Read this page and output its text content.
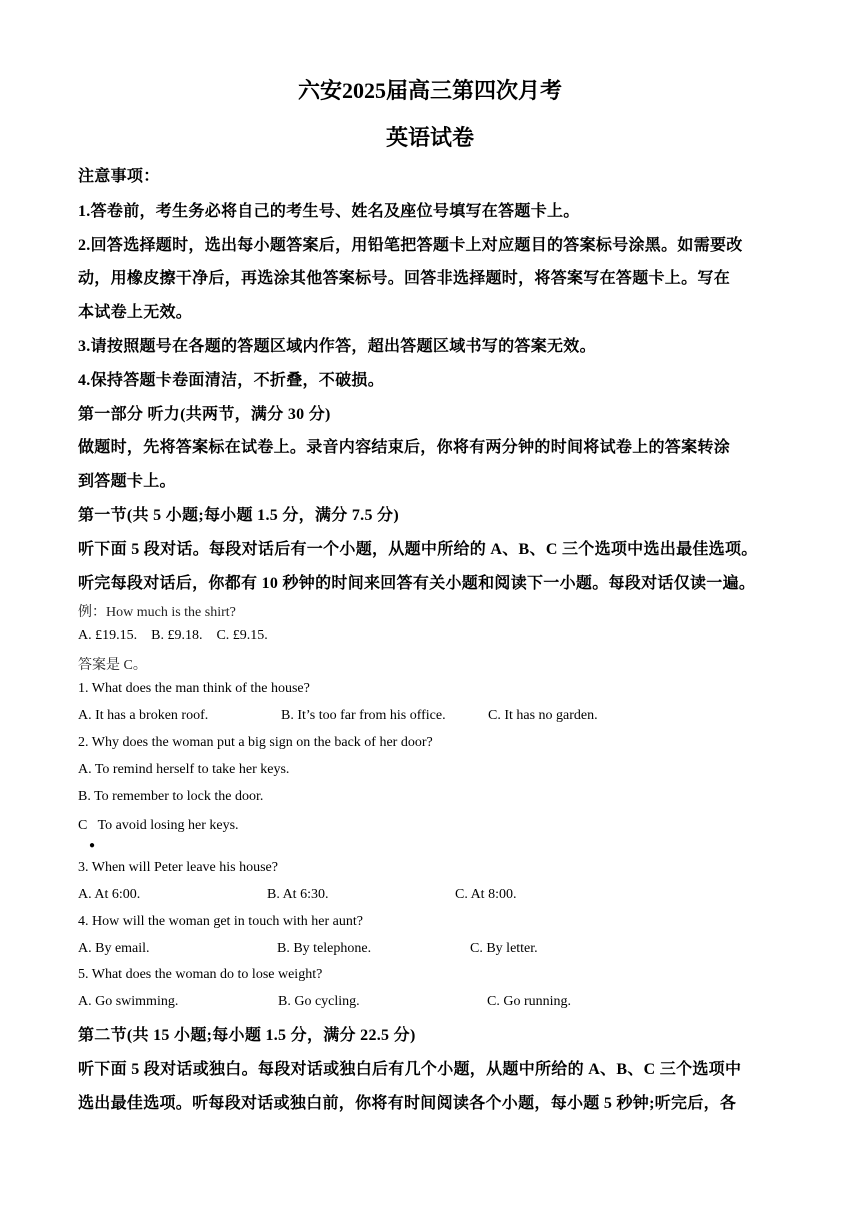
六安2025届高三第四次月考
英语试卷
注意事项：
1.答卷前，考生务必将自己的考生号、姓名及座位号填写在答题卡上。
2.回答选择题时，选出每小题答案后，用铅笔把答题卡上对应题目的答案标号涂黑。如需要改
动，用橡皮擦干净后，再选涂其他答案标号。回答非选择题时，将答案写在答题卡上。写在
本试卷上无效。
3.请按照题号在各题的答题区域内作答，超出答题区域书写的答案无效。
4.保持答题卡卷面清洁，不折叠，不破损。
第一部分 听力(共两节，满分 30 分)
做题时，先将答案标在试卷上。录音内容结束后，你将有两分钟的时间将试卷上的答案转涂
到答题卡上。
第一节(共 5 小题;每小题 1.5 分，满分 7.5 分)
听下面 5 段对话。每段对话后有一个小题，从题中所给的 A、B、C 三个选项中选出最佳选项。
听完每段对话后，你都有 10 秒钟的时间来回答有关小题和阅读下一小题。每段对话仅读一遍。
例：How much is the shirt?
A. £19.15.    B. £9.18.    C. £9.15.
答案是 C。
1. What does the man think of the house?
A. It has a broken roof.	B. It’s too far from his office.	C. It has no garden.
2. Why does the woman put a big sign on the back of her door?
A. To remind herself to take her keys.
B. To remember to lock the door.
C   To avoid losing her keys.
●
3. When will Peter leave his house?
A. At 6:00.	B. At 6:30.	C. At 8:00.
4. How will the woman get in touch with her aunt?
A. By email.	B. By telephone.	C. By letter.
5. What does the woman do to lose weight?
A. Go swimming.	B. Go cycling.	C. Go running.
第二节(共 15 小题;每小题 1.5 分，满分 22.5 分)
听下面 5 段对话或独白。每段对话或独白后有几个小题，从题中所给的 A、B、C 三个选项中
选出最佳选项。听每段对话或独白前，你将有时间阅读各个小题，每小题 5 秒钟;听完后，各
